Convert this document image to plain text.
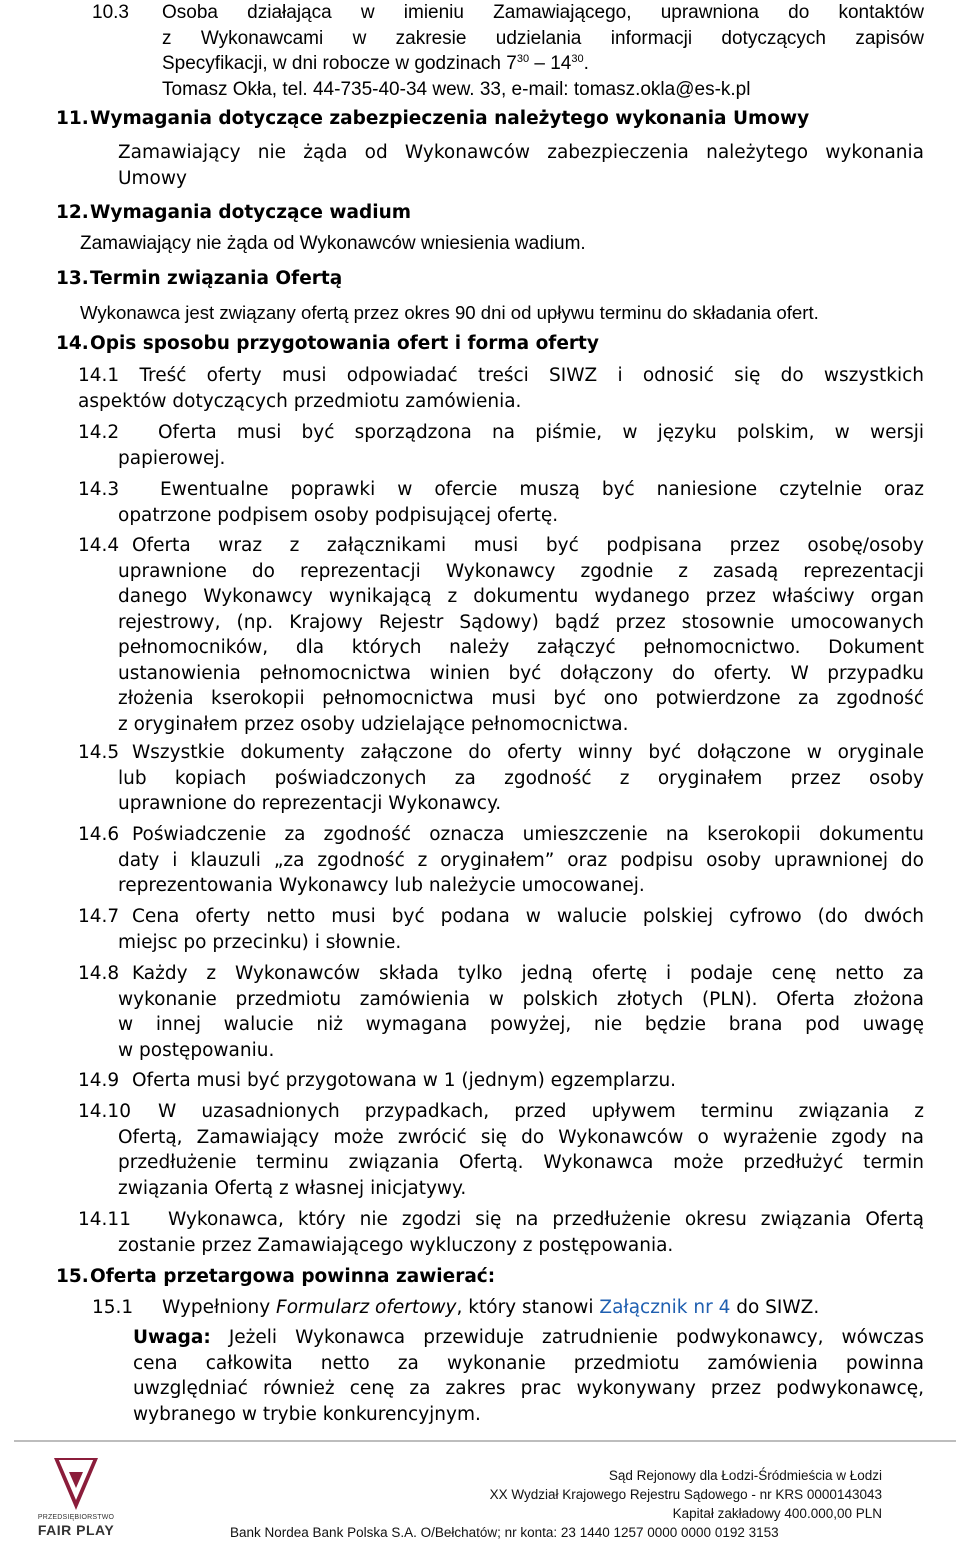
10.3 Osoba działająca w imieniu Zamawiającego, uprawniona do kontaktów
z Wykonawcami w zakresie udzielania informacji dotyczących zapisów
Specyfikacji, w dni robocze w godzinach $7^{30} - 14^{30}$.
Tomasz Okła, tel. 44-735-40-34 wew. 33, e-mail: tomasz.okla@es-k.pl
11. Wymagania dotyczące zabezpieczenia należytego wykonania Umowy
Zamawiający nie żąda od Wykonawców zabezpieczenia należytego wykonania
Umowy
12. Wymagania dotyczące wadium
Zamawiający nie żąda od Wykonawców wniesienia wadium.
13. Termin związania Ofertą
Wykonawca jest związany ofertą przez okres 90 dni od upływu terminu do składania ofert.
14. Opis sposobu przygotowania ofert i forma oferty
14.1 Treść oferty musi odpowiadać treści SIWZ i odnosić się do wszystkich
aspektów dotyczących przedmiotu zamówienia.
14.2 Oferta musi być sporządzona na piśmie, w języku polskim, w wersji
papierowej.
14.3 Ewentualne poprawki w ofercie muszą być naniesione czytelnie oraz
opatrzone podpisem osoby podpisującej ofertę.
14.4 Oferta wraz z załącznikami musi być podpisana przez osobę/osoby
uprawnione do reprezentacji Wykonawcy zgodnie z zasadą reprezentacji
danego Wykonawcy wynikającą z dokumentu wydanego przez właściwy organ
rejestrowy, (np. Krajowy Rejestr Sądowy) bądź przez stosownie umocowanych
pełnomocników, dla których należy załączyć pełnomocnictwo. Dokument
ustanowienia pełnomocnictwa winien być dołączony do oferty. W przypadku
złożenia kserokopii pełnomocnictwa musi być ono potwierdzone za zgodność
z oryginałem przez osoby udzielające pełnomocnictwa.
14.5 Wszystkie dokumenty załączone do oferty winny być dołączone w oryginale
lub kopiach poświadczonych za zgodność z oryginałem przez osoby
uprawnione do reprezentacji Wykonawcy.
14.6 Poświadczenie za zgodność oznacza umieszczenie na kserokopii dokumentu
daty i klauzuli „za zgodność z oryginałem” oraz podpisu osoby uprawnionej do
reprezentowania Wykonawcy lub należycie umocowanej.
14.7 Cena oferty netto musi być podana w walucie polskiej cyfrowo (do dwóch
miejsc po przecinku) i słownie.
14.8 Każdy z Wykonawców składa tylko jedną ofertę i podaje cenę netto za
wykonanie przedmiotu zamówienia w polskich złotych (PLN). Oferta złożona
w innej walucie niż wymagana powyżej, nie będzie brana pod uwagę
w postępowaniu.
14.9 Oferta musi być przygotowana w 1 (jednym) egzemplarzu.
14.10 W uzasadnionych przypadkach, przed upływem terminu związania z
Ofertą, Zamawiający może zwrócić się do Wykonawców o wyrażenie zgody na
przedłużenie terminu związania Ofertą. Wykonawca może przedłużyć termin
związania Ofertą z własnej inicjatywy.
14.11 Wykonawca, który nie zgodzi się na przedłużenie okresu związania Ofertą
zostanie przez Zamawiającego wykluczony z postępowania.
15. Oferta przetargowa powinna zawierać:
15.1 Wypełniony Formularz ofertowy, który stanowi Załącznik nr 4 do SIWZ.
Uwaga: Jeżeli Wykonawca przewiduje zatrudnienie podwykonawcy, wówczas
cena całkowita netto za wykonanie przedmiotu zamówienia powinna
uwzględniać również cenę za zakres prac wykonywany przez podwykonawcę,
wybranego w trybie konkurencyjnym.
PRZEDSIĘBIORSTWO
FAIR PLAY
Sąd Rejonowy dla Łodzi-Śródmieścia w Łodzi
XX Wydział Krajowego Rejestru Sądowego - nr KRS 0000143043
Kapitał zakładowy 400.000,00 PLN
Bank Nordea Bank Polska S.A. O/Bełchatów; nr konta: 23 1440 1257 0000 0000 0192 3153
